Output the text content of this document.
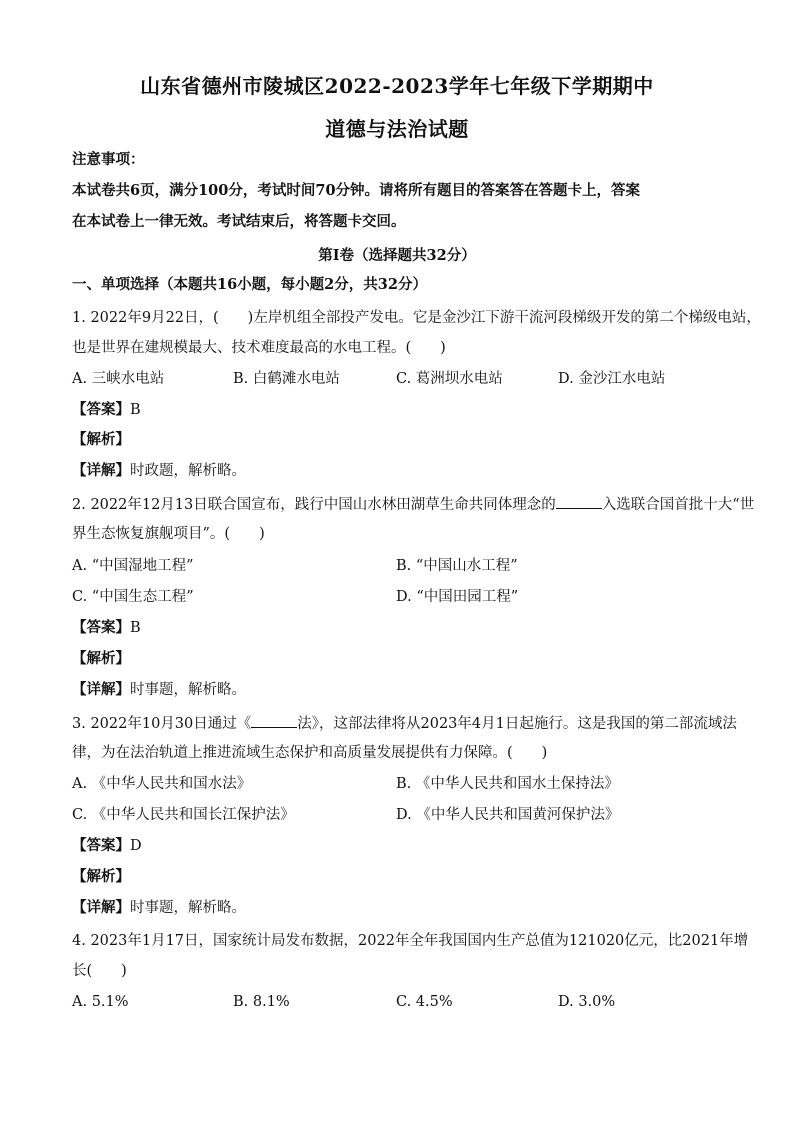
山东省德州市陵城区2022-2023学年七年级下学期期中
道德与法治试题
注意事项：
本试卷共6页，满分100分，考试时间70分钟。请将所有题目的答案答在答题卡上，答案
在本试卷上一律无效。考试结束后，将答题卡交回。
第Ⅰ卷（选择题共32分）
一、单项选择（本题共16小题，每小题2分，共32分）
1. 2022年9月22日，(　　)左岸机组全部投产发电。它是金沙江下游干流河段梯级开发的第二个梯级电站，
也是世界在建规模最大、技术难度最高的水电工程。(　　)
A. 三峡水电站	B. 白鹤滩水电站	C. 葛洲坝水电站	D. 金沙江水电站
【答案】B
【解析】
【详解】时政题，解析略。
2. 2022年12月13日联合国宣布，践行中国山水林田湖草生命共同体理念的	入选联合国首批十大“世
界生态恢复旗舰项目”。(　　)
A. “中国湿地工程”	B. “中国山水工程”
C. “中国生态工程”	D. “中国田园工程”
【答案】B
【解析】
【详解】时事题，解析略。
3. 2022年10月30日通过《	法》，这部法律将从2023年4月1日起施行。这是我国的第二部流域法
律，为在法治轨道上推进流域生态保护和高质量发展提供有力保障。(　　)
A. 《中华人民共和国水法》	B. 《中华人民共和国水土保持法》
C. 《中华人民共和国长江保护法》	D. 《中华人民共和国黄河保护法》
【答案】D
【解析】
【详解】时事题，解析略。
4. 2023年1月17日，国家统计局发布数据，2022年全年我国国内生产总值为121020亿元，比2021年增
长(　　)
A. 5.1%	B. 8.1%	C. 4.5%	D. 3.0%
